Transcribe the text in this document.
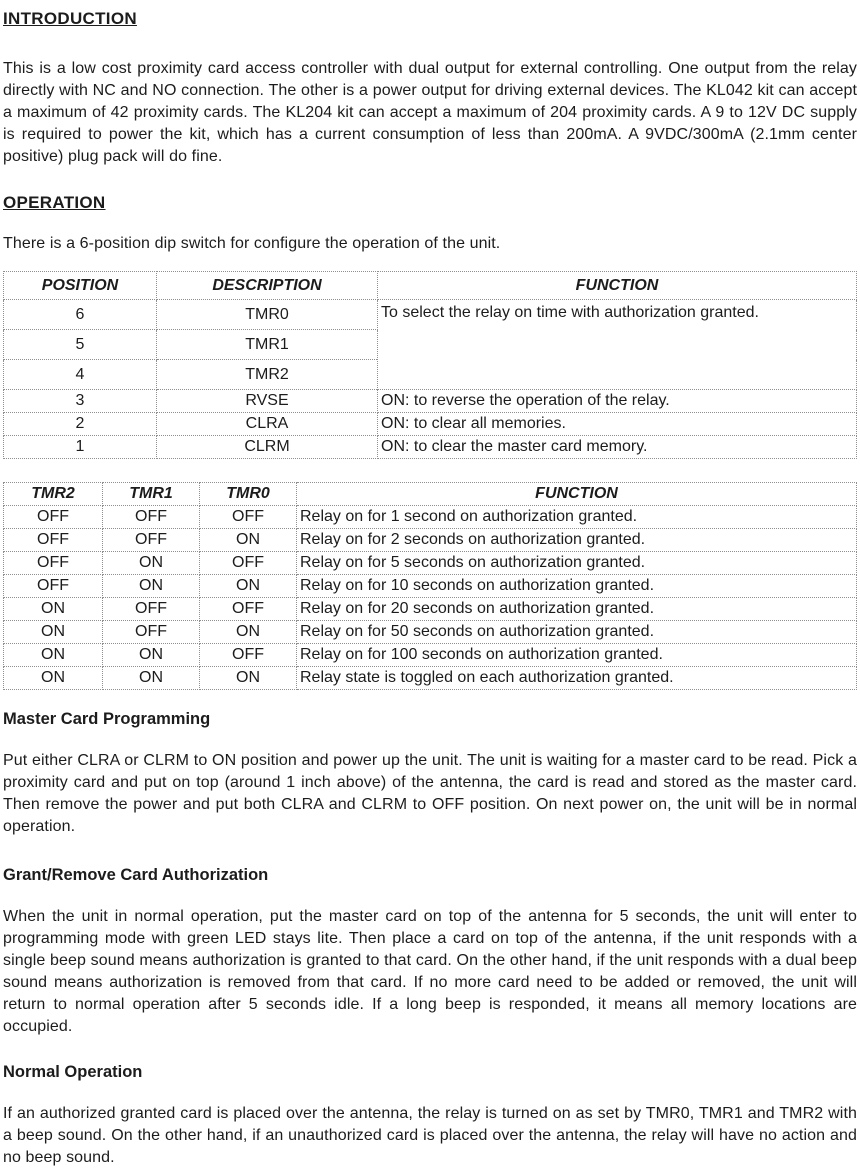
INTRODUCTION

This is a low cost proximity card access controller with dual output for external controlling. One output from the relay directly with NC and NO connection. The other is a power output for driving external devices. The KL042 kit can accept a maximum of 42 proximity cards. The KL204 kit can accept a maximum of 204 proximity cards. A 9 to 12V DC supply is required to power the kit, which has a current consumption of less than 200mA. A 9VDC/300mA (2.1mm center positive) plug pack will do fine.

OPERATION

There is a 6-position dip switch for configure the operation of the unit.

POSITION	DESCRIPTION	FUNCTION
6	TMR0	To select the relay on time with authorization granted.
5	TMR1	
4	TMR2	
3	RVSE	ON: to reverse the operation of the relay.
2	CLRA	ON: to clear all memories.
1	CLRM	ON: to clear the master card memory.
TMR2	TMR1	TMR0	FUNCTION
OFF	OFF	OFF	Relay on for 1 second on authorization granted.
OFF	OFF	ON	Relay on for 2 seconds on authorization granted.
OFF	ON	OFF	Relay on for 5 seconds on authorization granted.
OFF	ON	ON	Relay on for 10 seconds on authorization granted.
ON	OFF	OFF	Relay on for 20 seconds on authorization granted.
ON	OFF	ON	Relay on for 50 seconds on authorization granted.
ON	ON	OFF	Relay on for 100 seconds on authorization granted.
ON	ON	ON	Relay state is toggled on each authorization granted.
Master Card Programming

Put either CLRA or CLRM to ON position and power up the unit. The unit is waiting for a master card to be read. Pick a proximity card and put on top (around 1 inch above) of the antenna, the card is read and stored as the master card. Then remove the power and put both CLRA and CLRM to OFF position. On next power on, the unit will be in normal operation.

Grant/Remove Card Authorization

When the unit in normal operation, put the master card on top of the antenna for 5 seconds, the unit will enter to programming mode with green LED stays lite. Then place a card on top of the antenna, if the unit responds with a single beep sound means authorization is granted to that card. On the other hand, if the unit responds with a dual beep sound means authorization is removed from that card. If no more card need to be added or removed, the unit will return to normal operation after 5 seconds idle. If a long beep is responded, it means all memory locations are occupied.

Normal Operation

If an authorized granted card is placed over the antenna, the relay is turned on as set by TMR0, TMR1 and TMR2 with a beep sound. On the other hand, if an unauthorized card is placed over the antenna, the relay will have no action and no beep sound.
